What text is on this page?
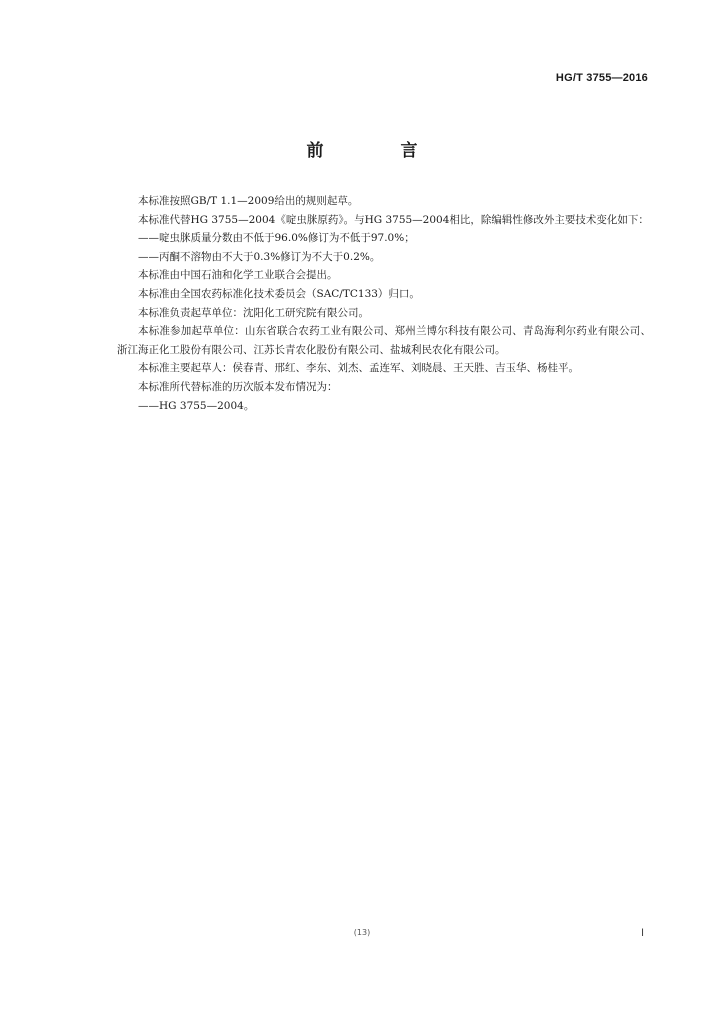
HG/T 3755—2016
前　言

本标准按照GB/T 1.1—2009给出的规则起草。

本标准代替HG 3755—2004《啶虫脒原药》。与HG 3755—2004相比，除编辑性修改外主要技术变化如下：

——啶虫脒质量分数由不低于96.0%修订为不低于97.0%；

——丙酮不溶物由不大于0.3%修订为不大于0.2%。

本标准由中国石油和化学工业联合会提出。

本标准由全国农药标准化技术委员会（SAC/TC133）归口。

本标准负责起草单位：沈阳化工研究院有限公司。

本标准参加起草单位：山东省联合农药工业有限公司、郑州兰博尔科技有限公司、青岛海利尔药业有限公司、浙江海正化工股份有限公司、江苏长青农化股份有限公司、盐城利民农化有限公司。

本标准主要起草人：侯春青、邢红、李东、刘杰、孟连军、刘晓晨、王天胜、吉玉华、杨桂平。

本标准所代替标准的历次版本发布情况为：

——HG 3755—2004。

(13)	I
